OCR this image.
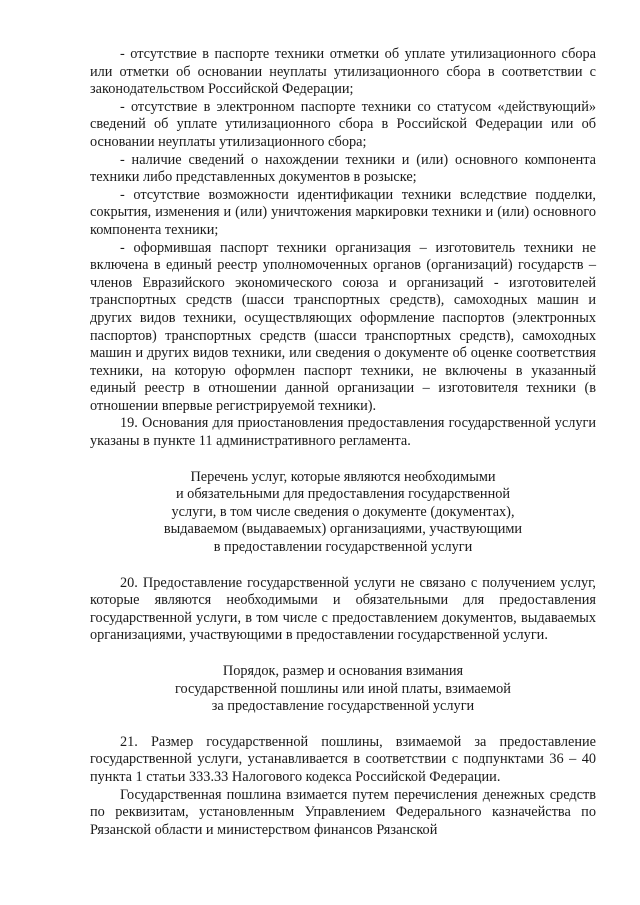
- отсутствие в паспорте техники отметки об уплате утилизационного сбора или отметки об основании неуплаты утилизационного сбора в соответствии с законодательством Российской Федерации;

- отсутствие в электронном паспорте техники со статусом «действующий» сведений об уплате утилизационного сбора в Российской Федерации или об основании неуплаты утилизационного сбора;

- наличие сведений о нахождении техники и (или) основного компонента техники либо представленных документов в розыске;

- отсутствие возможности идентификации техники вследствие подделки, сокрытия, изменения и (или) уничтожения маркировки техники и (или) основного компонента техники;

- оформившая паспорт техники организация – изготовитель техники не включена в единый реестр уполномоченных органов (организаций) государств – членов Евразийского экономического союза и организаций - изготовителей транспортных средств (шасси транспортных средств), самоходных машин и других видов техники, осуществляющих оформление паспортов (электронных паспортов) транспортных средств (шасси транспортных средств), самоходных машин и других видов техники, или сведения о документе об оценке соответствия техники, на которую оформлен паспорт техники, не включены в указанный единый реестр в отношении данной организации – изготовителя техники (в отношении впервые регистрируемой техники).

19. Основания для приостановления предоставления государственной услуги указаны в пункте 11 административного регламента.

Перечень услуг, которые являются необходимыми
и обязательными для предоставления государственной
услуги, в том числе сведения о документе (документах),
выдаваемом (выдаваемых) организациями, участвующими
в предоставлении государственной услуги

20. Предоставление государственной услуги не связано с получением услуг, которые являются необходимыми и обязательными для предоставления государственной услуги, в том числе с предоставлением документов, выдаваемых организациями, участвующими в предоставлении государственной услуги.

Порядок, размер и основания взимания
государственной пошлины или иной платы, взимаемой
за предоставление государственной услуги

21. Размер государственной пошлины, взимаемой за предоставление государственной услуги, устанавливается в соответствии с подпунктами 36 – 40 пункта 1 статьи 333.33 Налогового кодекса Российской Федерации.

Государственная пошлина взимается путем перечисления денежных средств по реквизитам, установленным Управлением Федерального казначейства по Рязанской области и министерством финансов Рязанской
